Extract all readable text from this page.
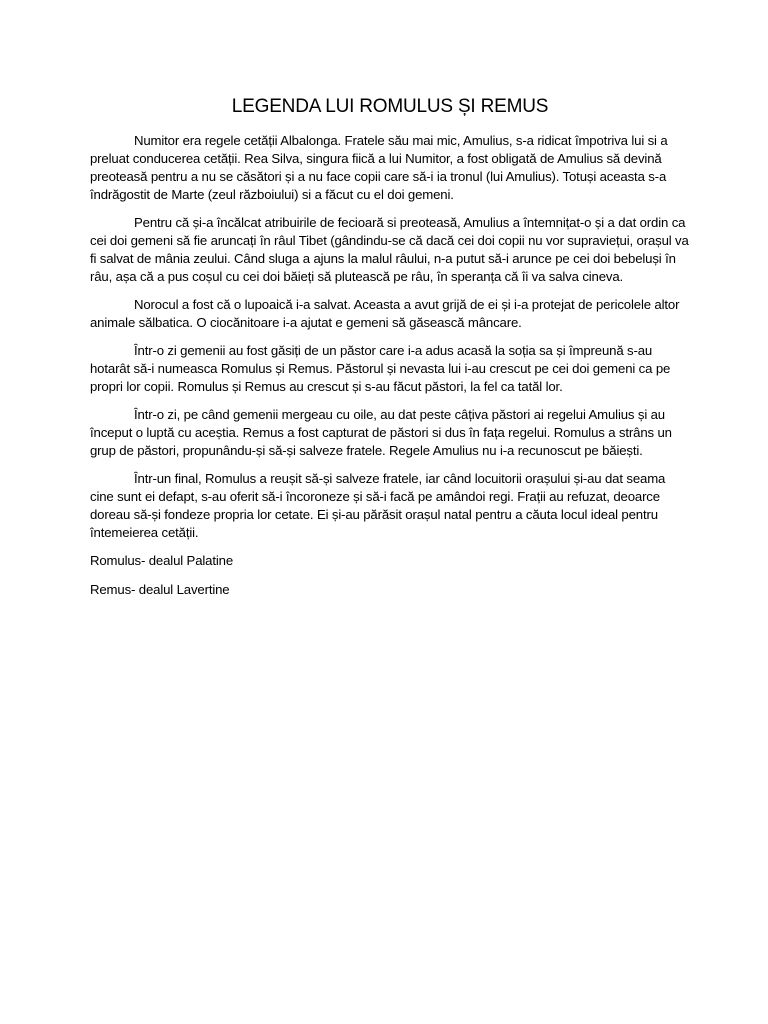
LEGENDA LUI ROMULUS ȘI REMUS

Numitor era regele cetății Albalonga. Fratele său mai mic, Amulius, s-a ridicat împotriva lui si a preluat conducerea cetății. Rea Silva, singura fiică a lui Numitor, a fost obligată de Amulius să devină preoteasă pentru a nu se căsători și a nu face copii care să-i ia tronul (lui Amulius). Totuși aceasta s-a îndrăgostit de Marte (zeul războiului) si a făcut cu el doi gemeni.

Pentru că și-a încălcat atribuirile de fecioară si preoteasă, Amulius a întemnițat-o și a dat ordin ca cei doi gemeni să fie aruncați în râul Tibet (gândindu-se că dacă cei doi copii nu vor supraviețui, orașul va fi salvat de mânia zeului. Când sluga a ajuns la malul râului, n-a putut să-i arunce pe cei doi bebeluși în râu, așa că a pus coșul cu cei doi băieți să plutească pe râu, în speranța că îi va salva cineva.

Norocul a fost că o lupoaică i-a salvat. Aceasta a avut grijă de ei și i-a protejat de pericolele altor animale sălbatica. O ciocănitoare i-a ajutat e gemeni să găsească mâncare.

Într-o zi gemenii au fost găsiți de un păstor care i-a adus acasă la soția sa și împreună s-au hotarât să-i numeasca Romulus și Remus. Păstorul și nevasta lui i-au crescut pe cei doi gemeni ca pe propri lor copii. Romulus și Remus au crescut și s-au făcut păstori, la fel ca tatăl lor.

Într-o zi, pe când gemenii mergeau cu oile, au dat peste câțiva păstori ai regelui Amulius și au început o luptă cu aceștia. Remus a fost capturat de păstori si dus în fața regelui. Romulus a strâns un grup de păstori, propunându-și să-și salveze fratele. Regele Amulius nu i-a recunoscut pe băiești.

Într-un final, Romulus a reușit să-și salveze fratele, iar când locuitorii orașului și-au dat seama cine sunt ei defapt, s-au oferit să-i încoroneze și să-i facă pe amândoi regi. Frații au refuzat, deoarce doreau să-și fondeze propria lor cetate. Ei și-au părăsit orașul natal pentru a căuta locul ideal pentru întemeierea cetății.

Romulus- dealul Palatine

Remus- dealul Lavertine
